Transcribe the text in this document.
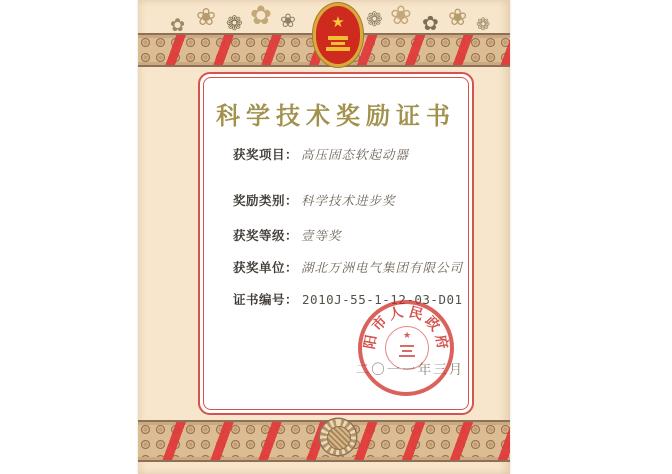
✿ ❀ ❁ ✿ ❀	❁ ❀ ✿ ❀ ❁
★
科学技术奖励证书
获奖项目： 高压固态软起动器
奖励类别： 科学技术进步奖
获奖等级： 壹等奖
获奖单位： 湖北万洲电气集团有限公司
证书编号： 2010J-55-1-12-03-D01
二〇一一年三月
阳
市
人 民
政
府
★
